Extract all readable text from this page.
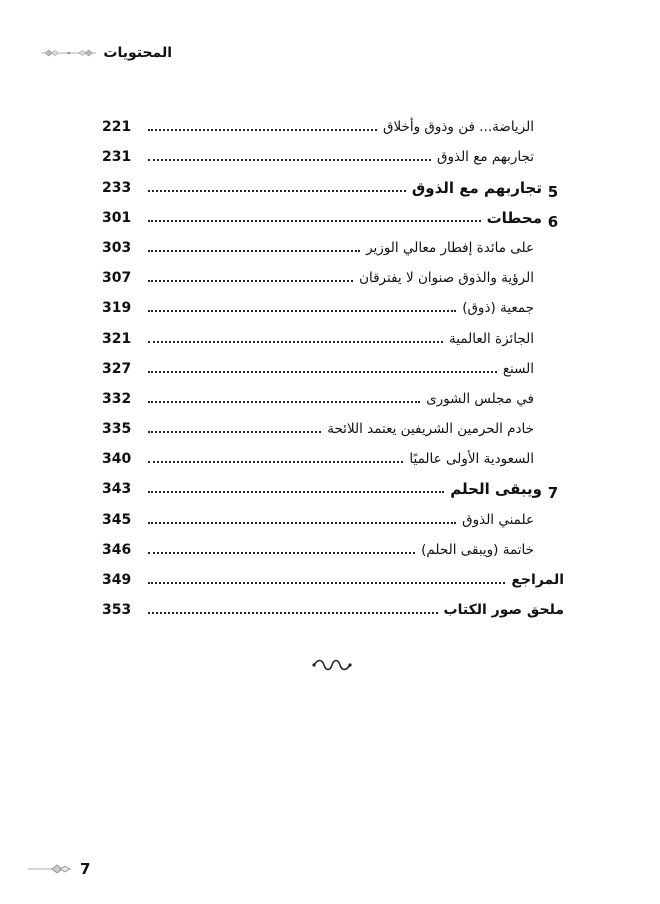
المحتويات
الرياضة... فن وذوق وأخلاق
221
تجاربهم مع الذوق
231
5
تجاربهم مع الذوق
233
6
محطات
301
على مائدة إفطار معالي الوزير
303
الرؤية والذوق صنوان لا يفترقان
307
جمعية (ذوق)
319
الجائزة العالمية
321
السنع
327
في مجلس الشورى
332
خادم الحرمين الشريفين يعتمد اللائحة
335
السعودية الأولى عالميًا
340
7
ويبقى الحلم
343
علمني الذوق
345
خاتمة (ويبقى الحلم)
346
المراجع
349
ملحق صور الكتاب
353
7
